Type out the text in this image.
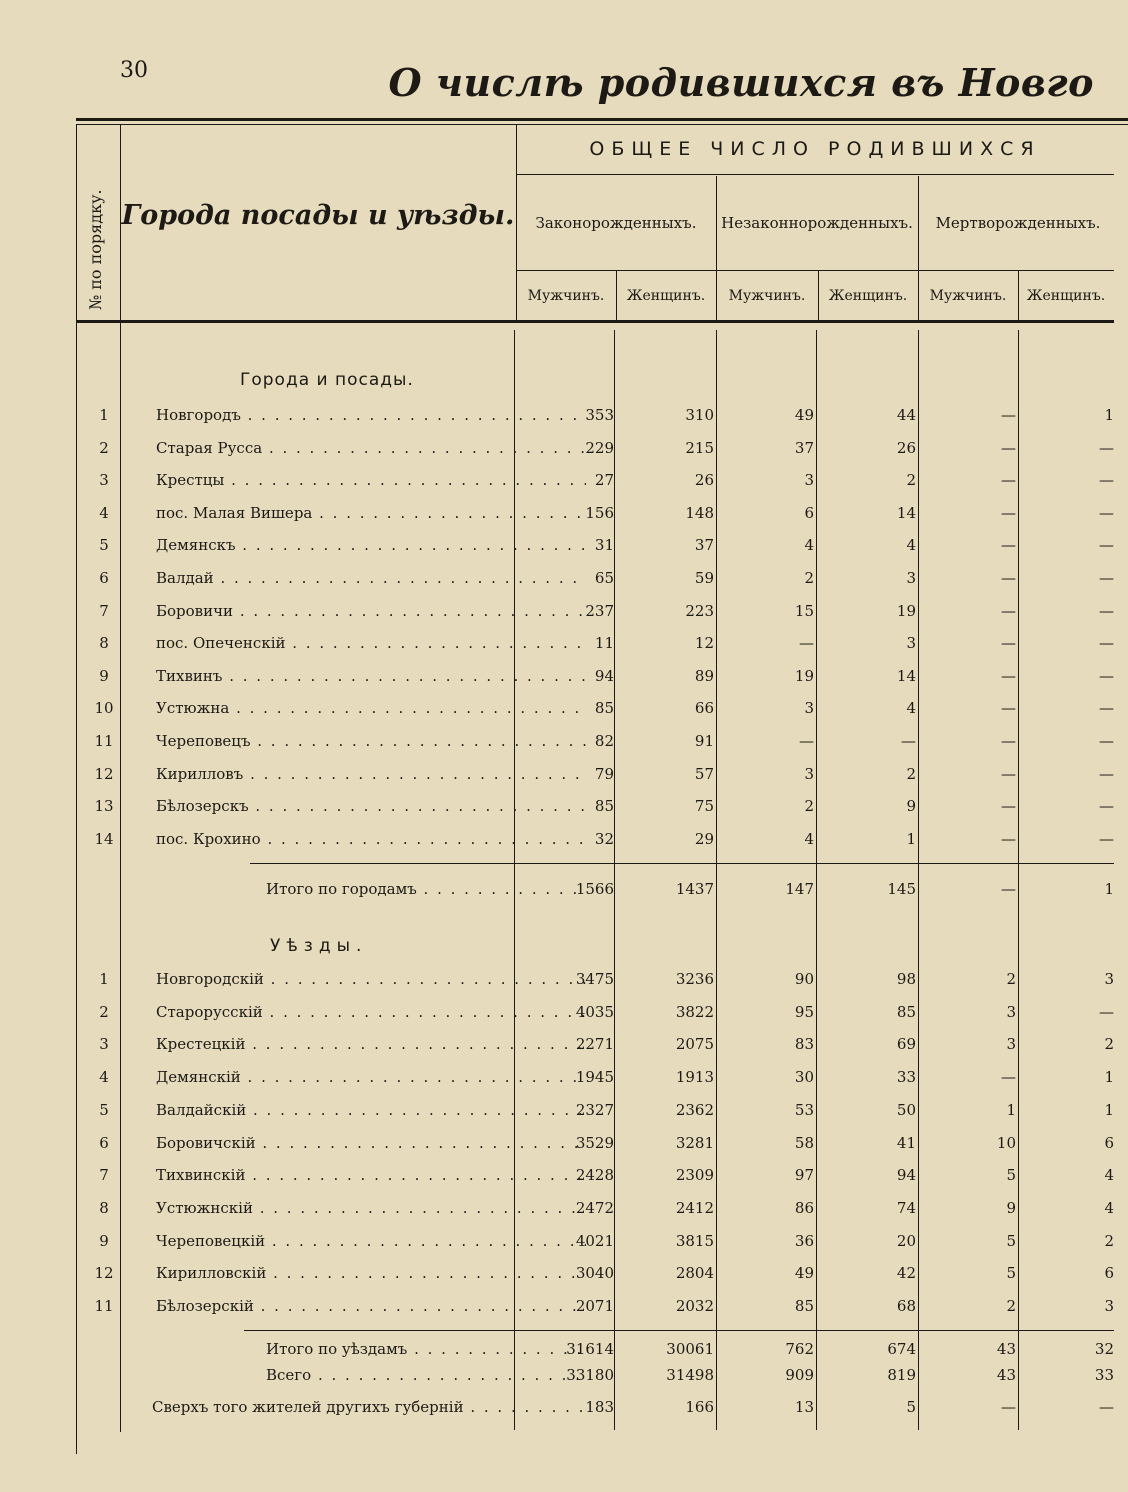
30	О числѣ родившихся въ Новго
№ по порядку. Города посады и уѣзды.
ОБЩЕЕ ЧИСЛО РОДИВШИХСЯ
Законорожденныхъ.	Незаконнорожденныхъ.	Мертворожденныхъ.
Мужчинъ.	Женщинъ.	Мужчинъ.	Женщинъ.	Мужчинъ.	Женщинъ.
Города и посады.
Уѣзды.
1	Новгородъ . . .	353	310	49	44	—	1
2	Старая Русса . . .	229	215	37	26	—	—
3	Крестцы . . .	27	26	3	2	—	—
4	пос. Малая Вишера . . .	156	148	6	14	—	—
5	Демянскъ . . .	31	37	4	4	—	—
6	Валдай . . .	65	59	2	3	—	—
7	Боровичи . . .	237	223	15	19	—	—
8	пос. Опеченскій . . .	11	12	—	3	—	—
9	Тихвинъ . . .	94	89	19	14	—	—
10	Устюжна . . .	85	66	3	4	—	—
11	Череповецъ . . .	82	91	—	—	—	—
12	Кирилловъ . . .	79	57	3	2	—	—
13	Бѣлозерскъ . . .	85	75	2	9	—	—
14	пос. Крохино . . .	32	29	4	1	—	—
Итого по городамъ . . .	1566	1437	147	145	—	1
1	Новгородскій . . .	3475	3236	90	98	2	3
2	Старорусскій . . .	4035	3822	95	85	3	—
3	Крестецкій . . .	2271	2075	83	69	3	2
4	Демянскій . . .	1945	1913	30	33	—	1
5	Валдайскій . . .	2327	2362	53	50	1	1
6	Боровичскій . . .	3529	3281	58	41	10	6
7	Тихвинскій . . .	2428	2309	97	94	5	4
8	Устюжнскій . . .	2472	2412	86	74	9	4
9	Череповецкій . . .	4021	3815	36	20	5	2
12	Кирилловскій . . .	3040	2804	49	42	5	6
11	Бѣлозерскій . . .	2071	2032	85	68	2	3
Итого по уѣздамъ . . .	31614	30061	762	674	43	32
Всего . . .	33180	31498	909	819	43	33
Сверхъ того жителей другихъ губерній . . .	183	166	13	5	—	—
